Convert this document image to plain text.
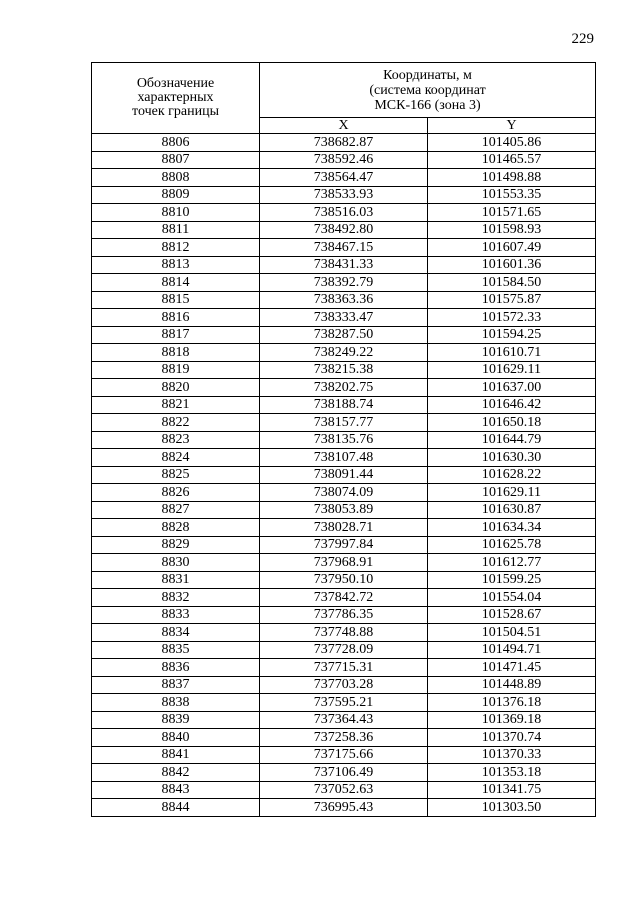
229
Обозначение
характерных
точек границы	Координаты, м
(система координат
МСК-166 (зона 3)	

	X	Y
8806	738682.87	101405.86
8807	738592.46	101465.57
8808	738564.47	101498.88
8809	738533.93	101553.35
8810	738516.03	101571.65
8811	738492.80	101598.93
8812	738467.15	101607.49
8813	738431.33	101601.36
8814	738392.79	101584.50
8815	738363.36	101575.87
8816	738333.47	101572.33
8817	738287.50	101594.25
8818	738249.22	101610.71
8819	738215.38	101629.11
8820	738202.75	101637.00
8821	738188.74	101646.42
8822	738157.77	101650.18
8823	738135.76	101644.79
8824	738107.48	101630.30
8825	738091.44	101628.22
8826	738074.09	101629.11
8827	738053.89	101630.87
8828	738028.71	101634.34
8829	737997.84	101625.78
8830	737968.91	101612.77
8831	737950.10	101599.25
8832	737842.72	101554.04
8833	737786.35	101528.67
8834	737748.88	101504.51
8835	737728.09	101494.71
8836	737715.31	101471.45
8837	737703.28	101448.89
8838	737595.21	101376.18
8839	737364.43	101369.18
8840	737258.36	101370.74
8841	737175.66	101370.33
8842	737106.49	101353.18
8843	737052.63	101341.75
8844	736995.43	101303.50
